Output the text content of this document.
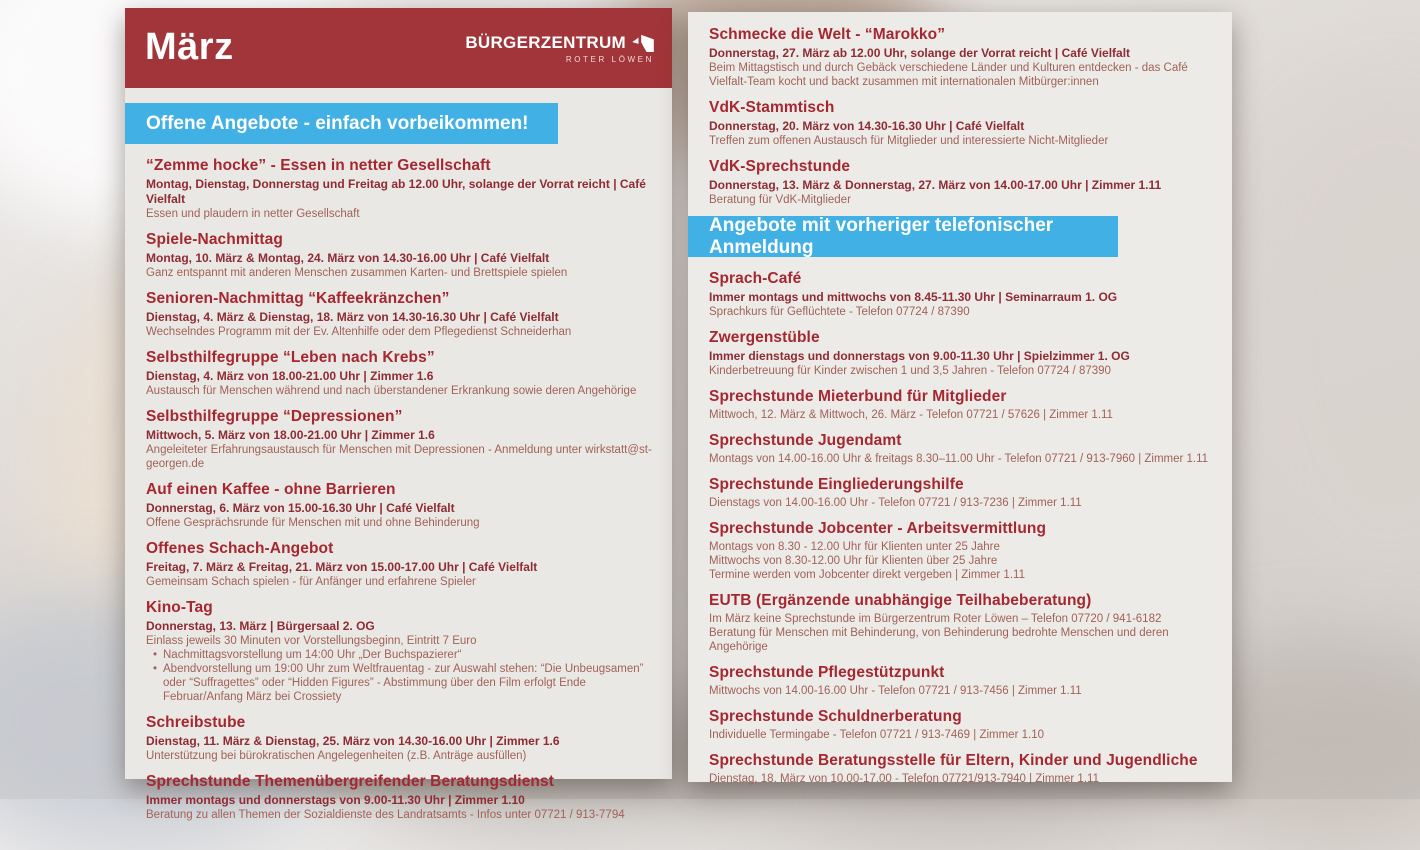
März	BÜRGERZENTRUM
ROTER LÖWEN
Offene Angebote - einfach vorbeikommen!
“Zemme hocke” - Essen in netter Gesellschaft
Montag, Dienstag, Donnerstag und Freitag ab 12.00 Uhr, solange der Vorrat reicht | Café Vielfalt
Essen und plaudern in netter Gesellschaft
Spiele-Nachmittag
Montag, 10. März & Montag, 24. März von 14.30-16.00 Uhr | Café Vielfalt
Ganz entspannt mit anderen Menschen zusammen Karten- und Brettspiele spielen
Senioren-Nachmittag “Kaffeekränzchen”
Dienstag, 4. März & Dienstag, 18. März von 14.30-16.30 Uhr | Café Vielfalt
Wechselndes Programm mit der Ev. Altenhilfe oder dem Pflegedienst Schneiderhan
Selbsthilfegruppe “Leben nach Krebs”
Dienstag, 4. März von 18.00-21.00 Uhr | Zimmer 1.6
Austausch für Menschen während und nach überstandener Erkrankung sowie deren Angehörige
Selbsthilfegruppe “Depressionen”
Mittwoch, 5. März von 18.00-21.00 Uhr | Zimmer 1.6
Angeleiteter Erfahrungsaustausch für Menschen mit Depressionen - Anmeldung unter wirkstatt@st-georgen.de
Auf einen Kaffee - ohne Barrieren
Donnerstag, 6. März von 15.00-16.30 Uhr | Café Vielfalt
Offene Gesprächsrunde für Menschen mit und ohne Behinderung
Offenes Schach-Angebot
Freitag, 7. März & Freitag, 21. März von 15.00-17.00 Uhr | Café Vielfalt
Gemeinsam Schach spielen - für Anfänger und erfahrene Spieler
Kino-Tag
Donnerstag, 13. März | Bürgersaal 2. OG
Einlass jeweils 30 Minuten vor Vorstellungsbeginn, Eintritt 7 Euro
• Nachmittagsvorstellung um 14:00 Uhr „Der Buchspazierer“
• Abendvorstellung um 19:00 Uhr zum Weltfrauentag - zur Auswahl stehen: “Die Unbeugsamen” oder “Suffragettes” oder “Hidden Figures” - Abstimmung über den Film erfolgt Ende Februar/Anfang März bei Crossiety
Schreibstube
Dienstag, 11. März & Dienstag, 25. März von 14.30-16.00 Uhr | Zimmer 1.6
Unterstützung bei bürokratischen Angelegenheiten (z.B. Anträge ausfüllen)
Sprechstunde Themenübergreifender Beratungsdienst
Immer montags und donnerstags von 9.00-11.30 Uhr | Zimmer 1.10
Beratung zu allen Themen der Sozialdienste des Landratsamts - Infos unter 07721 / 913-7794
Schmecke die Welt - “Marokko”
Donnerstag, 27. März ab 12.00 Uhr, solange der Vorrat reicht | Café Vielfalt
Beim Mittagstisch und durch Gebäck verschiedene Länder und Kulturen entdecken - das Café Vielfalt-Team kocht und backt zusammen mit internationalen Mitbürger:innen
VdK-Stammtisch
Donnerstag, 20. März von 14.30-16.30 Uhr | Café Vielfalt
Treffen zum offenen Austausch für Mitglieder und interessierte Nicht-Mitglieder
VdK-Sprechstunde
Donnerstag, 13. März & Donnerstag, 27. März von 14.00-17.00 Uhr | Zimmer 1.11
Beratung für VdK-Mitglieder
Angebote mit vorheriger telefonischer Anmeldung
Sprach-Café
Immer montags und mittwochs von 8.45-11.30 Uhr | Seminarraum 1. OG
Sprachkurs für Geflüchtete - Telefon 07724 / 87390
Zwergenstüble
Immer dienstags und donnerstags von 9.00-11.30 Uhr | Spielzimmer 1. OG
Kinderbetreuung für Kinder zwischen 1 und 3,5 Jahren - Telefon 07724 / 87390
Sprechstunde Mieterbund für Mitglieder
Mittwoch, 12. März & Mittwoch, 26. März - Telefon 07721 / 57626 | Zimmer 1.11
Sprechstunde Jugendamt
Montags von 14.00-16.00 Uhr & freitags 8.30–11.00 Uhr - Telefon 07721 / 913-7960 | Zimmer 1.11
Sprechstunde Eingliederungshilfe
Dienstags von 14.00-16.00 Uhr - Telefon 07721 / 913-7236 | Zimmer 1.11
Sprechstunde Jobcenter - Arbeitsvermittlung
Montags von 8.30 - 12.00 Uhr für Klienten unter 25 Jahre
Mittwochs von 8.30-12.00 Uhr für Klienten über 25 Jahre
Termine werden vom Jobcenter direkt vergeben | Zimmer 1.11
EUTB (Ergänzende unabhängige Teilhabeberatung)
Im März keine Sprechstunde im Bürgerzentrum Roter Löwen – Telefon 07720 / 941-6182
Beratung für Menschen mit Behinderung, von Behinderung bedrohte Menschen und deren Angehörige
Sprechstunde Pflegestützpunkt
Mittwochs von 14.00-16.00 Uhr - Telefon 07721 / 913-7456 | Zimmer 1.11
Sprechstunde Schuldnerberatung
Individuelle Termingabe - Telefon 07721 / 913-7469 | Zimmer 1.10
Sprechstunde Beratungsstelle für Eltern, Kinder und Jugendliche
Dienstag, 18. März von 10.00-17.00 - Telefon 07721/913-7940 | Zimmer 1.11
